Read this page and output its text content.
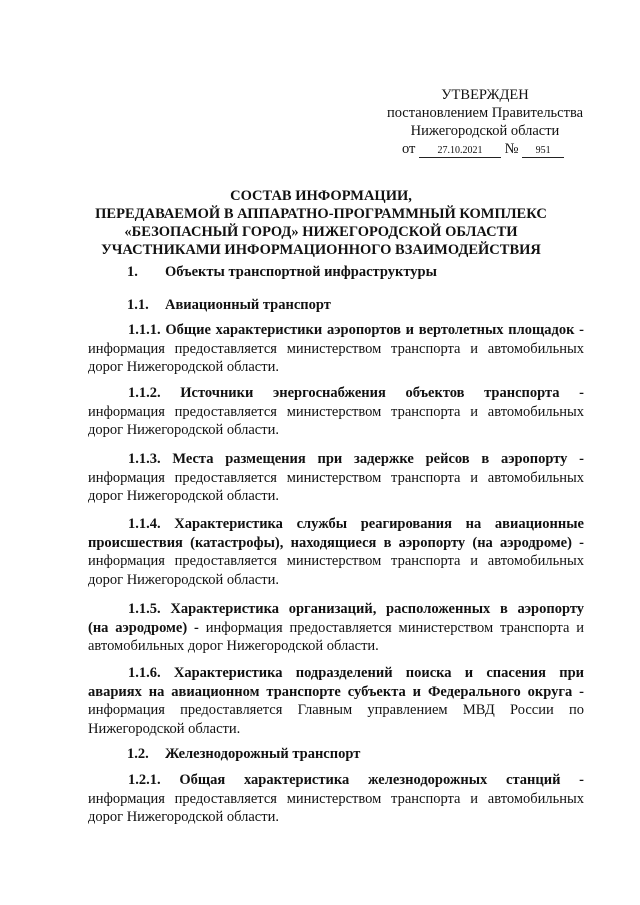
УТВЕРЖДЕН
постановлением Правительства
Нижегородской области
от 27.10.2021 № 951
СОСТАВ ИНФОРМАЦИИ,
ПЕРЕДАВАЕМОЙ В АППАРАТНО-ПРОГРАММНЫЙ КОМПЛЕКС
«БЕЗОПАСНЫЙ ГОРОД» НИЖЕГОРОДСКОЙ ОБЛАСТИ
УЧАСТНИКАМИ ИНФОРМАЦИОННОГО ВЗАИМОДЕЙСТВИЯ
1. Объекты транспортной инфраструктуры
1.1. Авиационный транспорт
1.1.1. Общие характеристики аэропортов и вертолетных площадок -
информация предоставляется министерством транспорта и автомобильных
дорог Нижегородской области.
1.1.2. Источники энергоснабжения объектов транспорта -
информация предоставляется министерством транспорта и автомобильных
дорог Нижегородской области.
1.1.3. Места размещения при задержке рейсов в аэропорту -
информация предоставляется министерством транспорта и автомобильных
дорог Нижегородской области.
1.1.4. Характеристика службы реагирования на авиационные
происшествия (катастрофы), находящиеся в аэропорту (на аэродроме) -
информация предоставляется министерством транспорта и автомобильных
дорог Нижегородской области.
1.1.5. Характеристика организаций, расположенных в аэропорту
(на аэродроме) - информация предоставляется министерством транспорта и
автомобильных дорог Нижегородской области.
1.1.6. Характеристика подразделений поиска и спасения при
авариях на авиационном транспорте субъекта и Федерального округа -
информация предоставляется Главным управлением МВД России по
Нижегородской области.
1.2. Железнодорожный транспорт
1.2.1. Общая характеристика железнодорожных станций -
информация предоставляется министерством транспорта и автомобильных
дорог Нижегородской области.
